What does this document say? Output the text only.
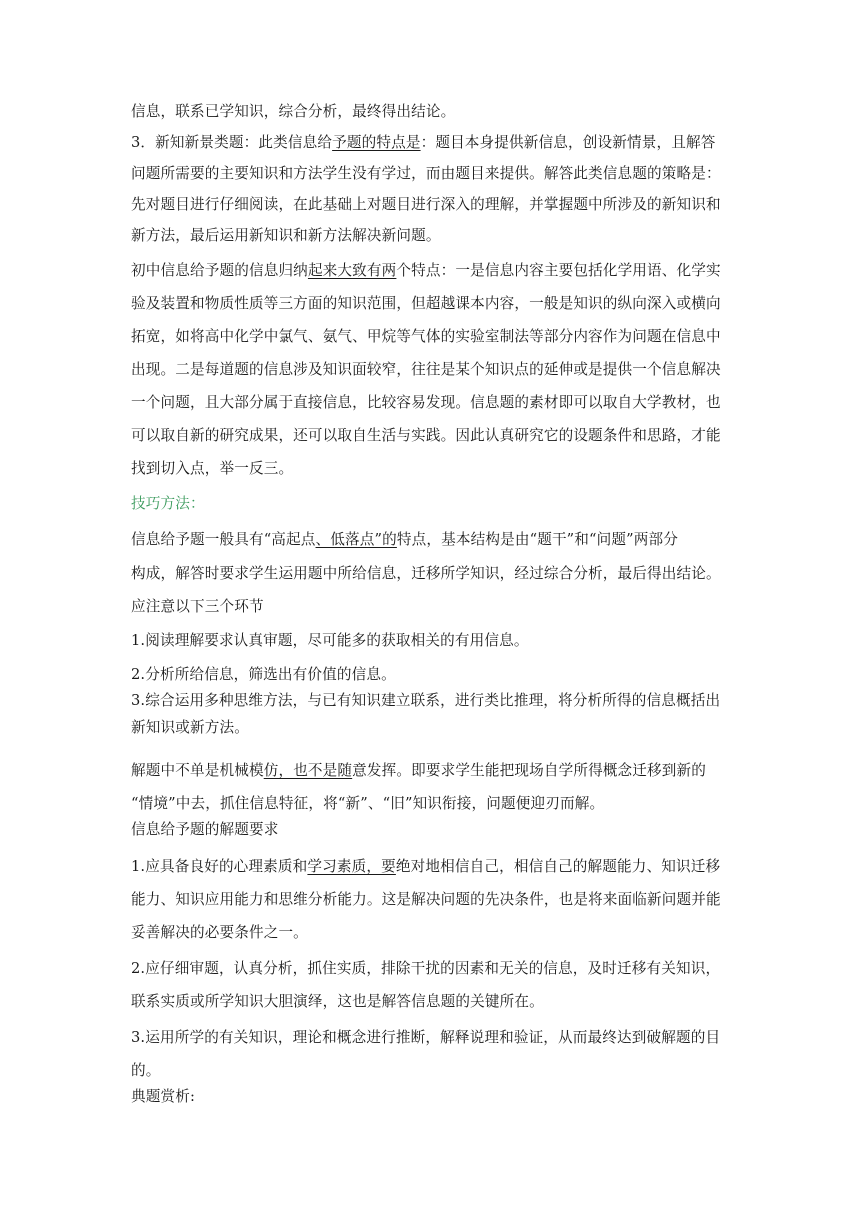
信息，联系已学知识，综合分析，最终得出结论。

3．新知新景类题：此类信息给予题的特点是：题目本身提供新信息，创设新情景，且解答

问题所需要的主要知识和方法学生没有学过，而由题目来提供。解答此类信息题的策略是：

先对题目进行仔细阅读，在此基础上对题目进行深入的理解，并掌握题中所涉及的新知识和

新方法，最后运用新知识和新方法解决新问题。

初中信息给予题的信息归纳起来大致有两个特点：一是信息内容主要包括化学用语、化学实

验及装置和物质性质等三方面的知识范围，但超越课本内容，一般是知识的纵向深入或横向

拓宽，如将高中化学中氯气、氨气、甲烷等气体的实验室制法等部分内容作为问题在信息中

出现。二是每道题的信息涉及知识面较窄，往往是某个知识点的延伸或是提供一个信息解决

一个问题，且大部分属于直接信息，比较容易发现。信息题的素材即可以取自大学教材，也

可以取自新的研究成果，还可以取自生活与实践。因此认真研究它的设题条件和思路，才能

找到切入点，举一反三。

技巧方法：

信息给予题一般具有“高起点、低落点”的特点，基本结构是由“题干”和“问题”两部分

构成，解答时要求学生运用题中所给信息，迁移所学知识，经过综合分析，最后得出结论。

应注意以下三个环节

1.阅读理解要求认真审题，尽可能多的获取相关的有用信息。

2.分析所给信息，筛选出有价值的信息。

3.综合运用多种思维方法，与已有知识建立联系，进行类比推理，将分析所得的信息概括出

新知识或新方法。

解题中不单是机械模仿，也不是随意发挥。即要求学生能把现场自学所得概念迁移到新的

“情境”中去，抓住信息特征，将“新”、“旧”知识衔接，问题便迎刃而解。

信息给予题的解题要求

1.应具备良好的心理素质和学习素质，要绝对地相信自己，相信自己的解题能力、知识迁移

能力、知识应用能力和思维分析能力。这是解决问题的先决条件，也是将来面临新问题并能

妥善解决的必要条件之一。

2.应仔细审题，认真分析，抓住实质，排除干扰的因素和无关的信息，及时迁移有关知识，

联系实质或所学知识大胆演绎，这也是解答信息题的关键所在。

3.运用所学的有关知识，理论和概念进行推断，解释说理和验证，从而最终达到破解题的目

的。

典题赏析:
